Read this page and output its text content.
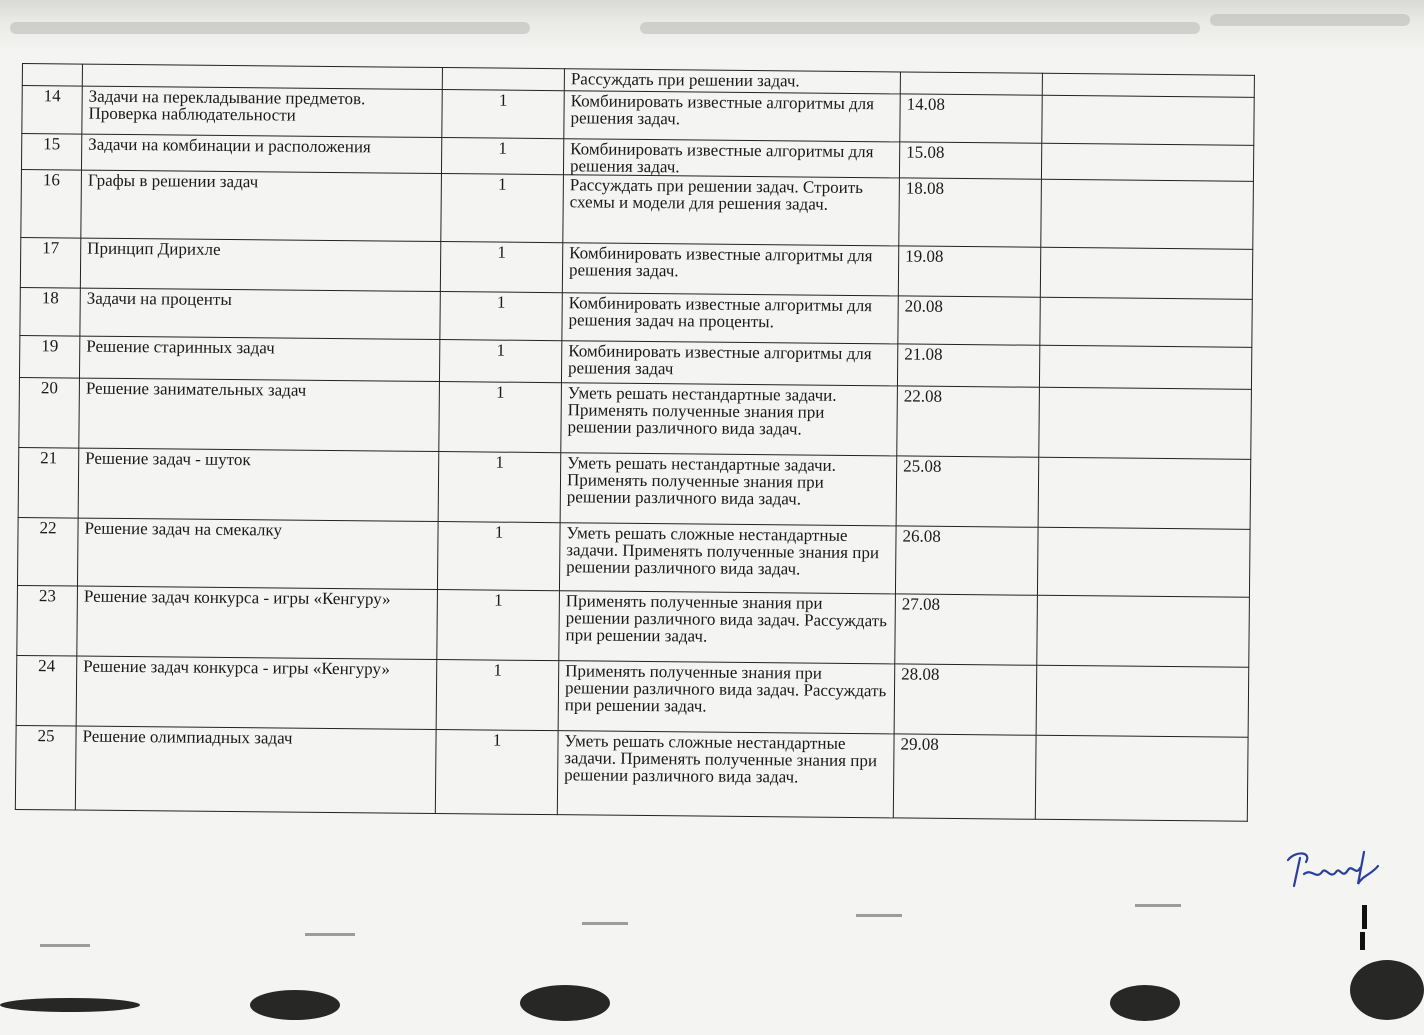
			Рассуждать при решении задач.		
14	Задачи на перекладывание предметов. Проверка наблюдательности	1	Комбинировать известные алгоритмы для решения задач.	14.08	
15	Задачи на комбинации и расположения	1	Комбинировать известные алгоритмы для решения задач.	15.08	
16	Графы в решении задач	1	Рассуждать при решении задач. Строить схемы и модели для решения задач.	18.08	
17	Принцип Дирихле	1	Комбинировать известные алгоритмы для решения задач.	19.08	
18	Задачи на проценты	1	Комбинировать известные алгоритмы для решения задач на проценты.	20.08	
19	Решение старинных задач	1	Комбинировать известные алгоритмы для решения задач	21.08	
20	Решение занимательных задач	1	Уметь решать нестандартные задачи. Применять полученные знания при решении различного вида задач.	22.08	
21	Решение задач - шуток	1	Уметь решать нестандартные задачи. Применять полученные знания при решении различного вида задач.	25.08	
22	Решение задач на смекалку	1	Уметь решать сложные нестандартные задачи. Применять полученные знания при решении различного вида задач.	26.08	
23	Решение задач конкурса - игры «Кенгуру»	1	Применять полученные знания при решении различного вида задач. Рассуждать при решении задач.	27.08	
24	Решение задач конкурса - игры «Кенгуру»	1	Применять полученные знания при решении различного вида задач. Рассуждать при решении задач.	28.08	
25	Решение олимпиадных задач	1	Уметь решать сложные нестандартные задачи. Применять полученные знания при решении различного вида задач.	29.08	
